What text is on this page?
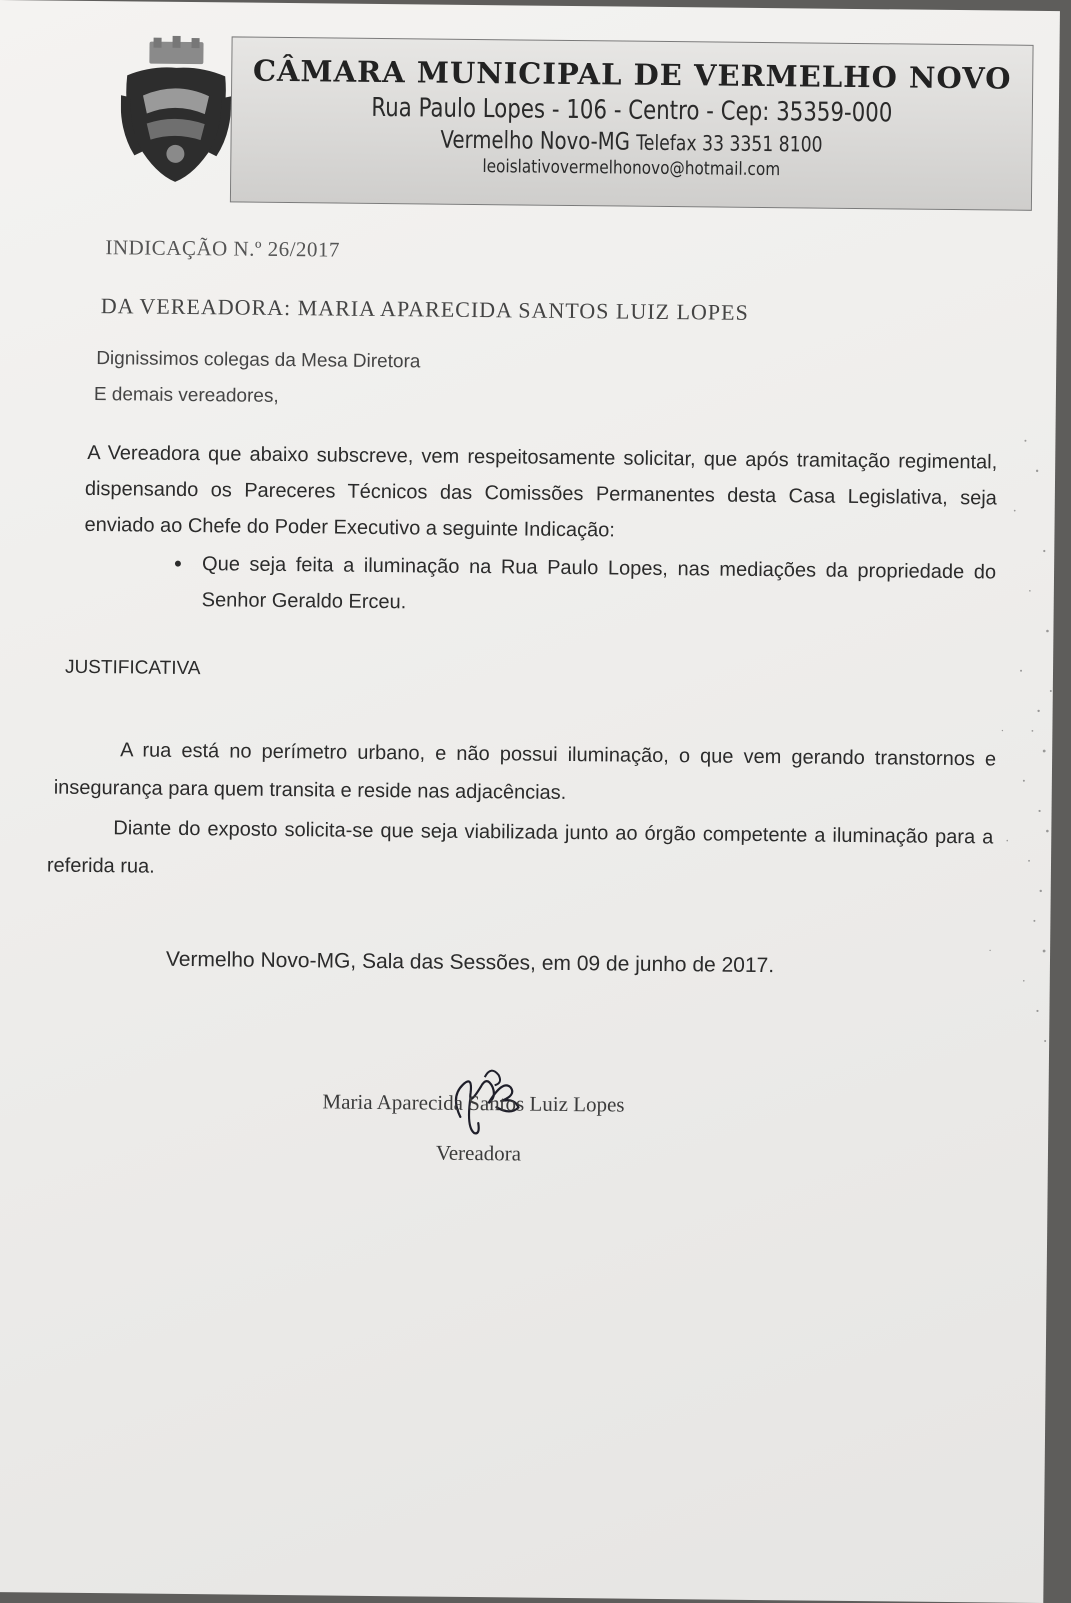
CÂMARA MUNICIPAL DE VERMELHO NOVO
Rua Paulo Lopes - 106 - Centro - Cep: 35359-000
Vermelho Novo-MG Telefax 33 3351 8100
leoislativovermelhonovo@hotmail.com
INDICAÇÃO N.º 26/2017
DA VEREADORA: MARIA APARECIDA SANTOS LUIZ LOPES
Dignissimos colegas da Mesa Diretora
E demais vereadores,
A Vereadora que abaixo subscreve, vem respeitosamente solicitar, que após tramitação regimental, dispensando os Pareceres Técnicos das Comissões Permanentes desta Casa Legislativa, seja enviado ao Chefe do Poder Executivo a seguinte Indicação:
•	Que seja feita a iluminação na Rua Paulo Lopes, nas mediações da propriedade do Senhor Geraldo Erceu.
JUSTIFICATIVA
A rua está no perímetro urbano, e não possui iluminação, o que vem gerando transtornos e insegurança para quem transita e reside nas adjacências.
Diante do exposto solicita-se que seja viabilizada junto ao órgão competente a iluminação para a referida rua.
Vermelho Novo-MG, Sala das Sessões, em 09 de junho de 2017.
Maria Aparecida Santos Luiz Lopes
Vereadora
